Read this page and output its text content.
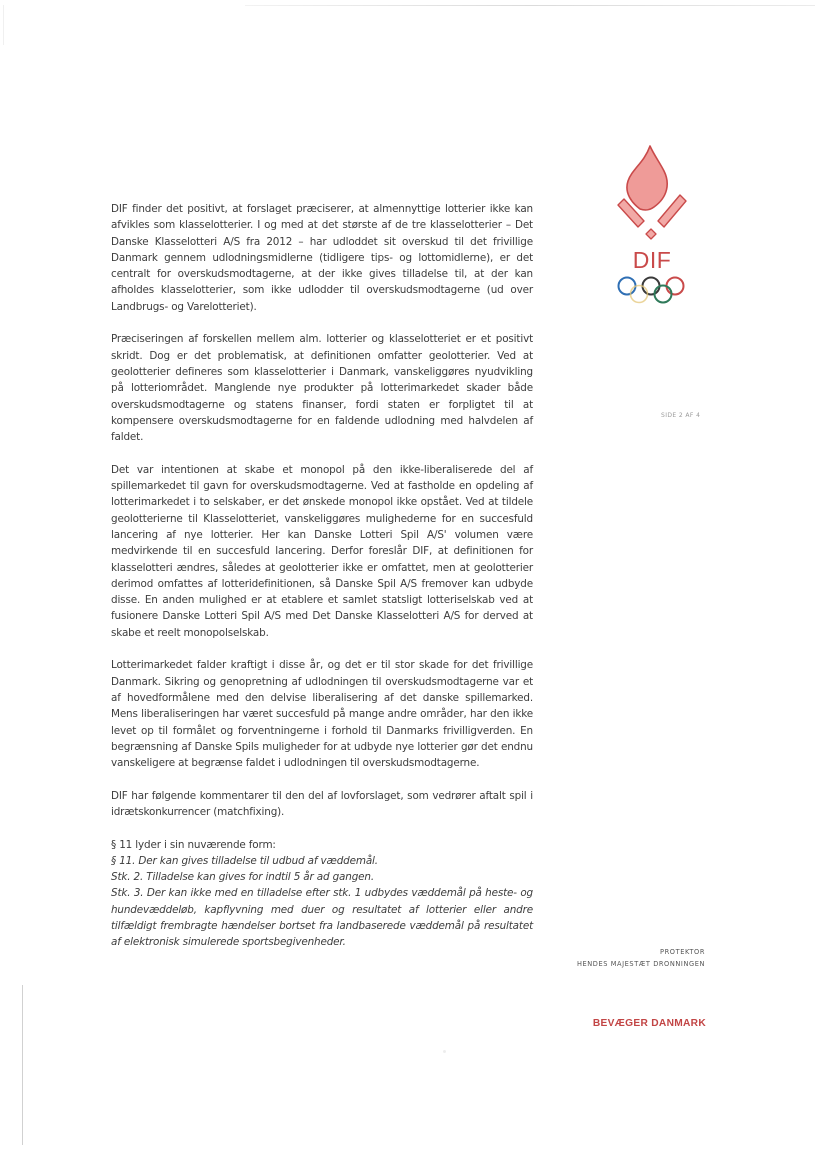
DIF finder det positivt, at forslaget præciserer, at almennyttige lotterier ikke kan afvikles som klasselotterier. I og med at det største af de tre klasselotterier – Det Danske Klasselotteri A/S fra 2012 – har udloddet sit overskud til det frivillige Danmark gennem udlodningsmidlerne (tidligere tips- og lottomidlerne), er det centralt for overskudsmodtagerne, at der ikke gives tilladelse til, at der kan afholdes klasselotterier, som ikke udlodder til overskudsmodtagerne (ud over Landbrugs- og Varelotteriet).

Præciseringen af forskellen mellem alm. lotterier og klasselotteriet er et positivt skridt. Dog er det problematisk, at definitionen omfatter geolotterier. Ved at geolotterier defineres som klasselotterier i Danmark, vanskeliggøres nyudvikling på lotteriområdet. Manglende nye produkter på lotterimarkedet skader både overskudsmodtagerne og statens finanser, fordi staten er forpligtet til at kompensere overskudsmodtagerne for en faldende udlodning med halvdelen af faldet.

Det var intentionen at skabe et monopol på den ikke-liberaliserede del af spillemarkedet til gavn for overskudsmodtagerne. Ved at fastholde en opdeling af lotterimarkedet i to selskaber, er det ønskede monopol ikke opstået. Ved at tildele geolotterierne til Klasselotteriet, vanskeliggøres mulighederne for en succesfuld lancering af nye lotterier. Her kan Danske Lotteri Spil A/S' volumen være medvirkende til en succesfuld lancering. Derfor foreslår DIF, at definitionen for klasselotteri ændres, således at geolotterier ikke er omfattet, men at geolotterier derimod omfattes af lotteridefinitionen, så Danske Spil A/S fremover kan udbyde disse. En anden mulighed er at etablere et samlet statsligt lotteriselskab ved at fusionere Danske Lotteri Spil A/S med Det Danske Klasselotteri A/S for derved at skabe et reelt monopolselskab.

Lotterimarkedet falder kraftigt i disse år, og det er til stor skade for det frivillige Danmark. Sikring og genopretning af udlodningen til overskudsmodtagerne var et af hovedformålene med den delvise liberalisering af det danske spillemarked. Mens liberaliseringen har været succesfuld på mange andre områder, har den ikke levet op til formålet og forventningerne i forhold til Danmarks frivilligverden. En begrænsning af Danske Spils muligheder for at udbyde nye lotterier gør det endnu vanskeligere at begrænse faldet i udlodningen til overskudsmodtagerne.

DIF har følgende kommentarer til den del af lovforslaget, som vedrører aftalt spil i idrætskonkurrencer (matchfixing).

§ 11 lyder i sin nuværende form:

§ 11. Der kan gives tilladelse til udbud af væddemål.
Stk. 2. Tilladelse kan gives for indtil 5 år ad gangen.
Stk. 3. Der kan ikke med en tilladelse efter stk. 1 udbydes væddemål på heste- og hundevæddeløb, kapflyvning med duer og resultatet af lotterier eller andre tilfældigt frembragte hændelser bortset fra landbaserede væddemål på resultatet af elektronisk simulerede sportsbegivenheder.
DIF
SIDE 2 AF 4
PROTEKTOR
HENDES MAJESTÆT DRONNINGEN
BEVÆGER DANMARK
